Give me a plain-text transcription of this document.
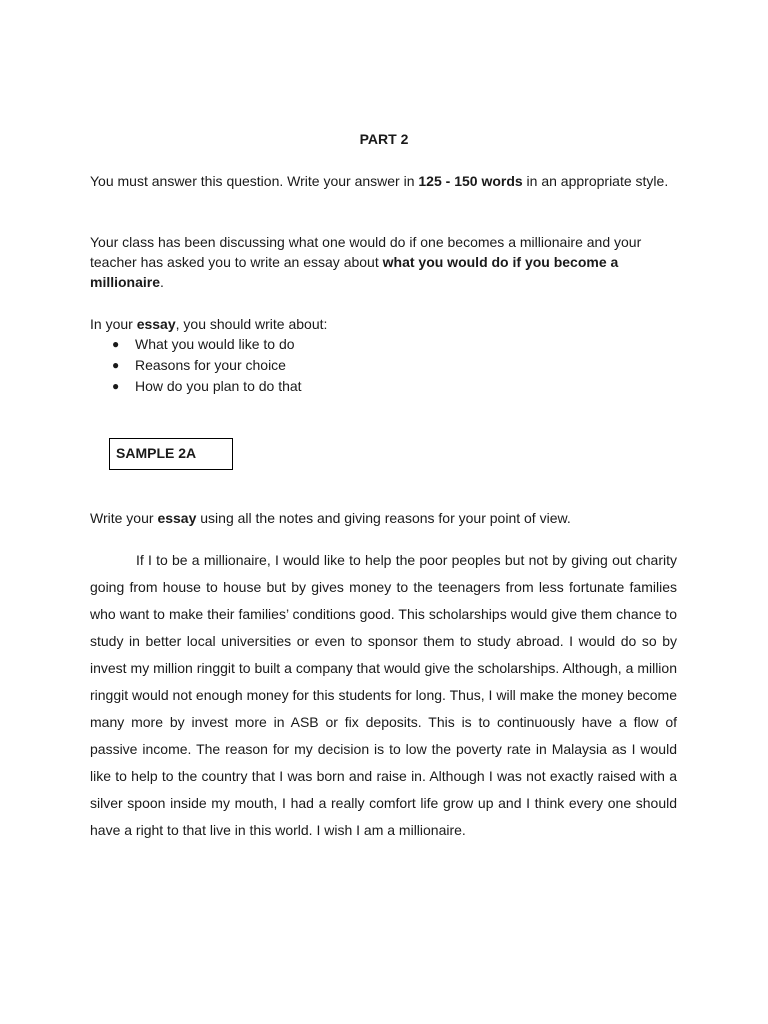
PART 2

You must answer this question. Write your answer in 125 - 150 words in an appropriate style.

Your class has been discussing what one would do if one becomes a millionaire and your teacher has asked you to write an essay about what you would do if you become a millionaire.

In your essay, you should write about:

● What you would like to do
● Reasons for your choice
● How do you plan to do that
SAMPLE 2A

Write your essay using all the notes and giving reasons for your point of view.

If I to be a millionaire, I would like to help the poor peoples but not by giving out charity going from house to house but by gives money to the teenagers from less fortunate families who want to make their families’ conditions good. This scholarships would give them chance to study in better local universities or even to sponsor them to study abroad. I would do so by invest my million ringgit to built a company that would give the scholarships. Although, a million ringgit would not enough money for this students for long. Thus, I will make the money become many more by invest more in ASB or fix deposits. This is to continuously have a flow of passive income. The reason for my decision is to low the poverty rate in Malaysia as I would like to help to the country that I was born and raise in. Although I was not exactly raised with a silver spoon inside my mouth, I had a really comfort life grow up and I think every one should have a right to that live in this world. I wish I am a millionaire.
